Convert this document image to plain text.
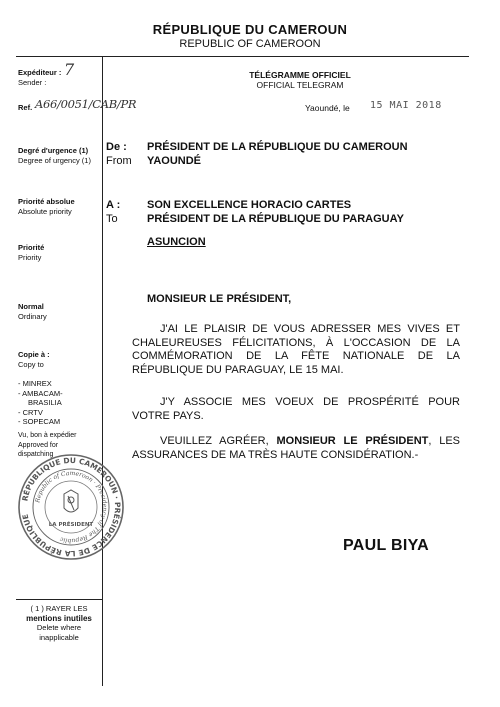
RÉPUBLIQUE DU CAMEROUN
REPUBLIC OF CAMEROON
Expéditeur :
Sender :
7
Ref. A66/0051/CAB/PR
Degré d'urgence (1)
Degree of urgency (1)
Priorité absolue
Absolute priority
Priorité
Priority
Normal
Ordinary
Copie à :
Copy to
- MINREX
- AMBACAM-
BRASILIA
- CRTV
- SOPECAM
Vu, bon à expédier
Approved for
dispatching
RÉPUBLIQUE DU CAMEROUN · PRÉSIDENCE DE LA RÉPUBLIQUE
Republic of Cameroon · Presidency of The Republic
LA PRÉSIDENT
( 1 ) RAYER LES
mentions inutiles
Delete where
inapplicable
TÉLÉGRAMME OFFICIEL
OFFICIAL TELEGRAM
Yaoundé, le 15 MAI 2018
De :
From
PRÉSIDENT DE LA RÉPUBLIQUE DU CAMEROUN
YAOUNDÉ
A :
To
SON EXCELLENCE HORACIO CARTES
PRÉSIDENT DE LA RÉPUBLIQUE DU PARAGUAY
ASUNCION
MONSIEUR LE PRÉSIDENT,
J'AI LE PLAISIR DE VOUS ADRESSER MES VIVES ET CHALEUREUSES FÉLICITATIONS, À L'OCCASION DE LA COMMÉMORATION DE LA FÊTE NATIONALE DE LA RÉPUBLIQUE DU PARAGUAY, LE 15 MAI.
J'Y ASSOCIE MES VOEUX DE PROSPÉRITÉ POUR VOTRE PAYS.
VEUILLEZ AGRÉER, MONSIEUR LE PRÉSIDENT, LES ASSURANCES DE MA TRÈS HAUTE CONSIDÉRATION.-
PAUL BIYA
